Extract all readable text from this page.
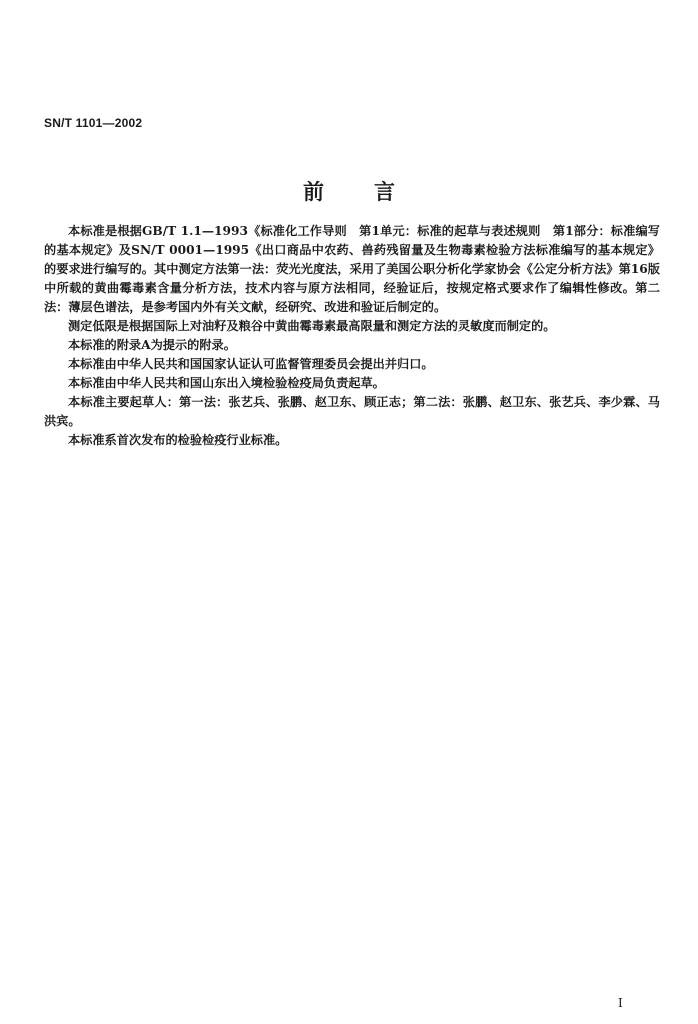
SN/T 1101—2002
前 言

本标准是根据GB/T 1.1—1993《标准化工作导则　第1单元：标准的起草与表述规则　第1部分：标准编写的基本规定》及SN/T 0001—1995《出口商品中农药、兽药残留量及生物毒素检验方法标准编写的基本规定》的要求进行编写的。其中测定方法第一法：荧光光度法，采用了美国公职分析化学家协会《公定分析方法》第16版中所载的黄曲霉毒素含量分析方法，技术内容与原方法相同，经验证后，按规定格式要求作了编辑性修改。第二法：薄层色谱法，是参考国内外有关文献，经研究、改进和验证后制定的。

测定低限是根据国际上对油籽及粮谷中黄曲霉毒素最高限量和测定方法的灵敏度而制定的。

本标准的附录A为提示的附录。

本标准由中华人民共和国国家认证认可监督管理委员会提出并归口。

本标准由中华人民共和国山东出入境检验检疫局负责起草。

本标准主要起草人：第一法：张艺兵、张鹏、赵卫东、顾正志；第二法：张鹏、赵卫东、张艺兵、李少霖、马洪宾。

本标准系首次发布的检验检疫行业标准。

I
